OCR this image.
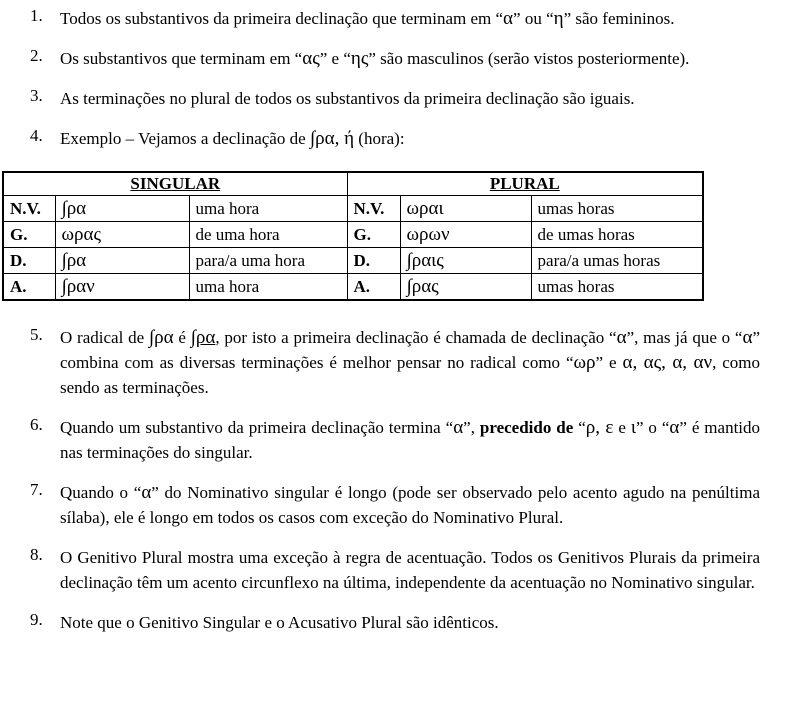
1.	Todos os substantivos da primeira declinação que terminam em “α” ou “η” são femininos.
2.	Os substantivos que terminam em “ας” e “ης” são masculinos (serão vistos posteriormente).
3.	As terminações no plural de todos os substantivos da primeira declinação são iguais.
4.	Exemplo – Vejamos a declinação de ∫ρα, ή (hora):
SINGULAR			PLURAL		
N.V.	∫ρα	uma hora	N.V.	ωραι	umas horas
G.	ωρας	de uma hora	G.	ωρων	de umas horas
D.	∫ρα	para/a uma hora	D.	∫ραις	para/a umas horas
A.	∫ραν	uma hora	A.	∫ρας	umas horas
5.	O radical de ∫ρα é ∫ρα, por isto a primeira declinação é chamada de declinação “α”, mas já que o “α” combina com as diversas terminações é melhor pensar no radical como “ωρ” e α, ας, α, αν, como sendo as terminações.
6.	Quando um substantivo da primeira declinação termina “α”, precedido de “ρ, ε e ι” o “α” é mantido nas terminações do singular.
7.	Quando o “α” do Nominativo singular é longo (pode ser observado pelo acento agudo na penúltima sílaba), ele é longo em todos os casos com exceção do Nominativo Plural.
8.	O Genitivo Plural mostra uma exceção à regra de acentuação. Todos os Genitivos Plurais da primeira declinação têm um acento circunflexo na última, independente da acentuação no Nominativo singular.
9.	Note que o Genitivo Singular e o Acusativo Plural são idênticos.
